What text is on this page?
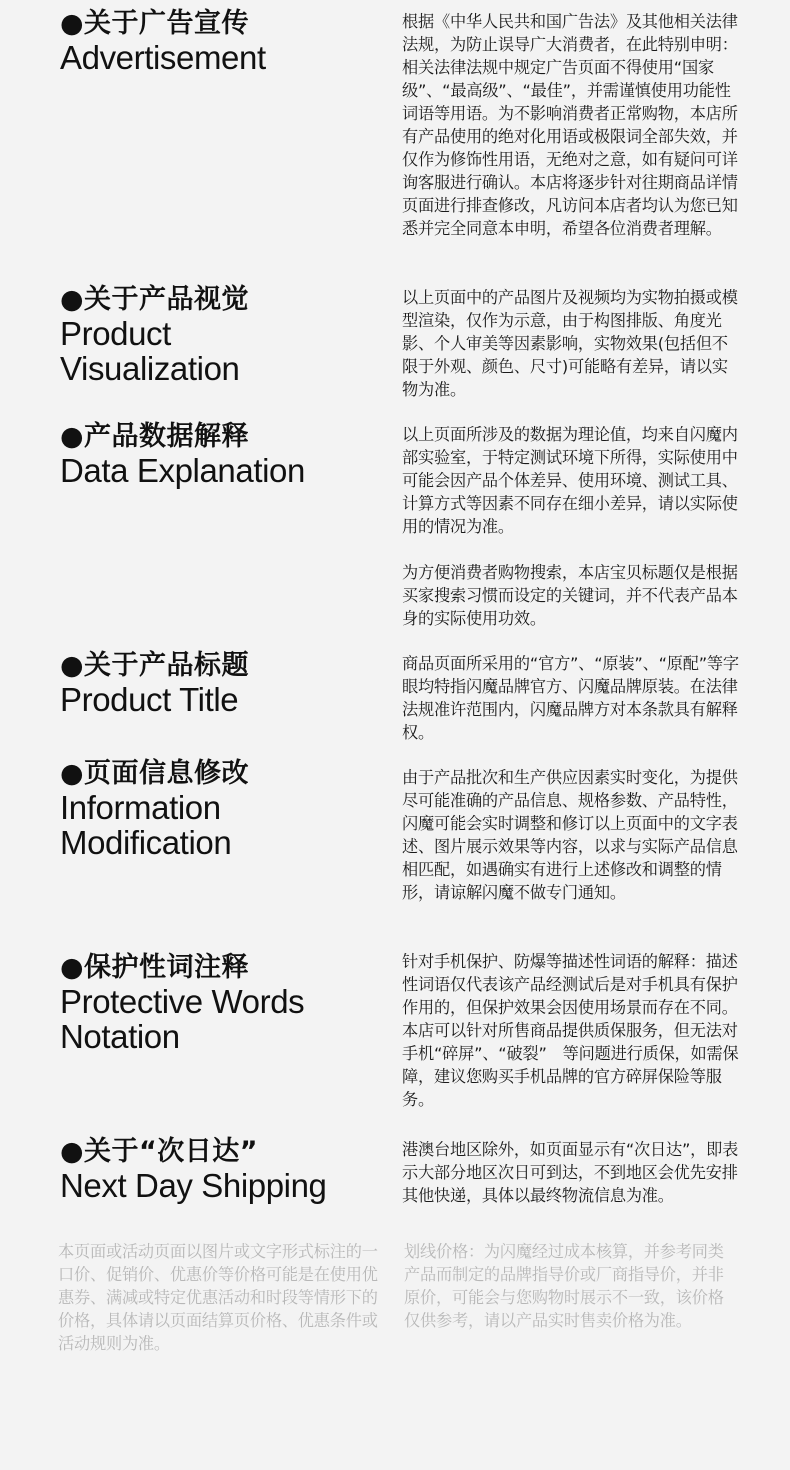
●关于广告宣传
Advertisement

根据《中华人民共和国广告法》及其他相关法律法规，为防止误导广大消费者，在此特别申明：相关法律法规中规定广告页面不得使用“国家级”、“最高级”、“最佳”，并需谨慎使用功能性词语等用语。为不影响消费者正常购物，本店所有产品使用的绝对化用语或极限词全部失效，并仅作为修饰性用语，无绝对之意，如有疑问可详询客服进行确认。本店将逐步针对往期商品详情页面进行排查修改，凡访问本店者均认为您已知悉并完全同意本申明，希望各位消费者理解。

●关于产品视觉
Product
Visualization

以上页面中的产品图片及视频均为实物拍摄或模型渲染，仅作为示意，由于构图排版、角度光影、个人审美等因素影响，实物效果(包括但不限于外观、颜色、尺寸)可能略有差异，请以实物为准。

●产品数据解释
Data Explanation

以上页面所涉及的数据为理论值，均来自闪魔内部实验室，于特定测试环境下所得，实际使用中可能会因产品个体差异、使用环境、测试工具、计算方式等因素不同存在细小差异，请以实际使用的情况为准。

为方便消费者购物搜索，本店宝贝标题仅是根据买家搜索习惯而设定的关键词，并不代表产品本身的实际使用功效。

●关于产品标题
Product Title

商品页面所采用的“官方”、“原装”、“原配”等字眼均特指闪魔品牌官方、闪魔品牌原装。在法律法规准许范围内，闪魔品牌方对本条款具有解释权。

●页面信息修改
Information
Modification

由于产品批次和生产供应因素实时变化，为提供尽可能准确的产品信息、规格参数、产品特性，闪魔可能会实时调整和修订以上页面中的文字表述、图片展示效果等内容，以求与实际产品信息相匹配，如遇确实有进行上述修改和调整的情形，请谅解闪魔不做专门通知。

●保护性词注释
Protective Words
Notation

针对手机保护、防爆等描述性词语的解释：描述性词语仅代表该产品经测试后是对手机具有保护作用的，但保护效果会因使用场景而存在不同。本店可以针对所售商品提供质保服务，但无法对手机“碎屏”、“破裂”　等问题进行质保，如需保障，建议您购买手机品牌的官方碎屏保险等服务。

●关于“次日达”
Next Day Shipping

港澳台地区除外，如页面显示有“次日达”，即表示大部分地区次日可到达，不到地区会优先安排其他快递，具体以最终物流信息为准。

本页面或活动页面以图片或文字形式标注的一口价、促销价、优惠价等价格可能是在使用优惠券、满减或特定优惠活动和时段等情形下的价格，具体请以页面结算页价格、优惠条件或活动规则为准。
划线价格：为闪魔经过成本核算，并参考同类产品而制定的品牌指导价或厂商指导价，并非原价，可能会与您购物时展示不一致，该价格仅供参考，请以产品实时售卖价格为准。
